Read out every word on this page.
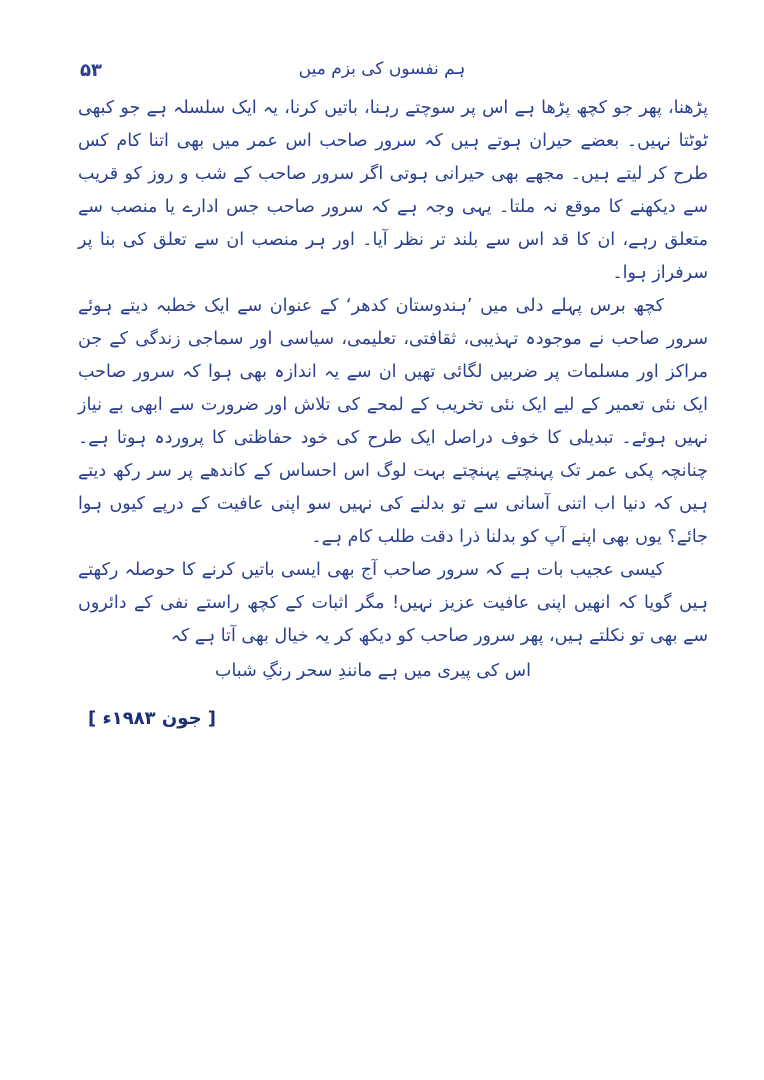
۵۳	ہم نفسوں کی بزم میں

پڑھنا، پھر جو کچھ پڑھا ہے اس پر سوچتے رہنا، باتیں کرنا، یہ ایک سلسلہ ہے جو کبھی ٹوٹتا نہیں۔ بعضے حیران ہوتے ہیں کہ سرور صاحب اس عمر میں بھی اتنا کام کس طرح کر لیتے ہیں۔ مجھے بھی حیرانی ہوتی اگر سرور صاحب کے شب و روز کو قریب سے دیکھنے کا موقع نہ ملتا۔ یہی وجہ ہے کہ سرور صاحب جس ادارے یا منصب سے متعلق رہے، ان کا قد اس سے بلند تر نظر آیا۔ اور ہر منصب ان سے تعلق کی بنا پر سرفراز ہوا۔

کچھ برس پہلے دلی میں ’ہندوستان کدھر‘ کے عنوان سے ایک خطبہ دیتے ہوئے سرور صاحب نے موجودہ تہذیبی، ثقافتی، تعلیمی، سیاسی اور سماجی زندگی کے جن مراکز اور مسلمات پر ضربیں لگائی تھیں ان سے یہ اندازہ بھی ہوا کہ سرور صاحب ایک نئی تعمیر کے لیے ایک نئی تخریب کے لمحے کی تلاش اور ضرورت سے ابھی بے نیاز نہیں ہوئے۔ تبدیلی کا خوف دراصل ایک طرح کی خود حفاظتی کا پروردہ ہوتا ہے۔ چنانچہ پکی عمر تک پہنچتے پہنچتے بہت لوگ اس احساس کے کاندھے پر سر رکھ دیتے ہیں کہ دنیا اب اتنی آسانی سے تو بدلنے کی نہیں سو اپنی عافیت کے درپے کیوں ہوا جائے؟ یوں بھی اپنے آپ کو بدلنا ذرا دقت طلب کام ہے۔

کیسی عجیب بات ہے کہ سرور صاحب آج بھی ایسی باتیں کرنے کا حوصلہ رکھتے ہیں گویا کہ انھیں اپنی عافیت عزیز نہیں! مگر اثبات کے کچھ راستے نفی کے دائروں سے بھی تو نکلتے ہیں، پھر سرور صاحب کو دیکھ کر یہ خیال بھی آتا ہے کہ

اس کی پیری میں ہے مانندِ سحر رنگِ شباب

[ جون ۱۹۸۳ء ]
